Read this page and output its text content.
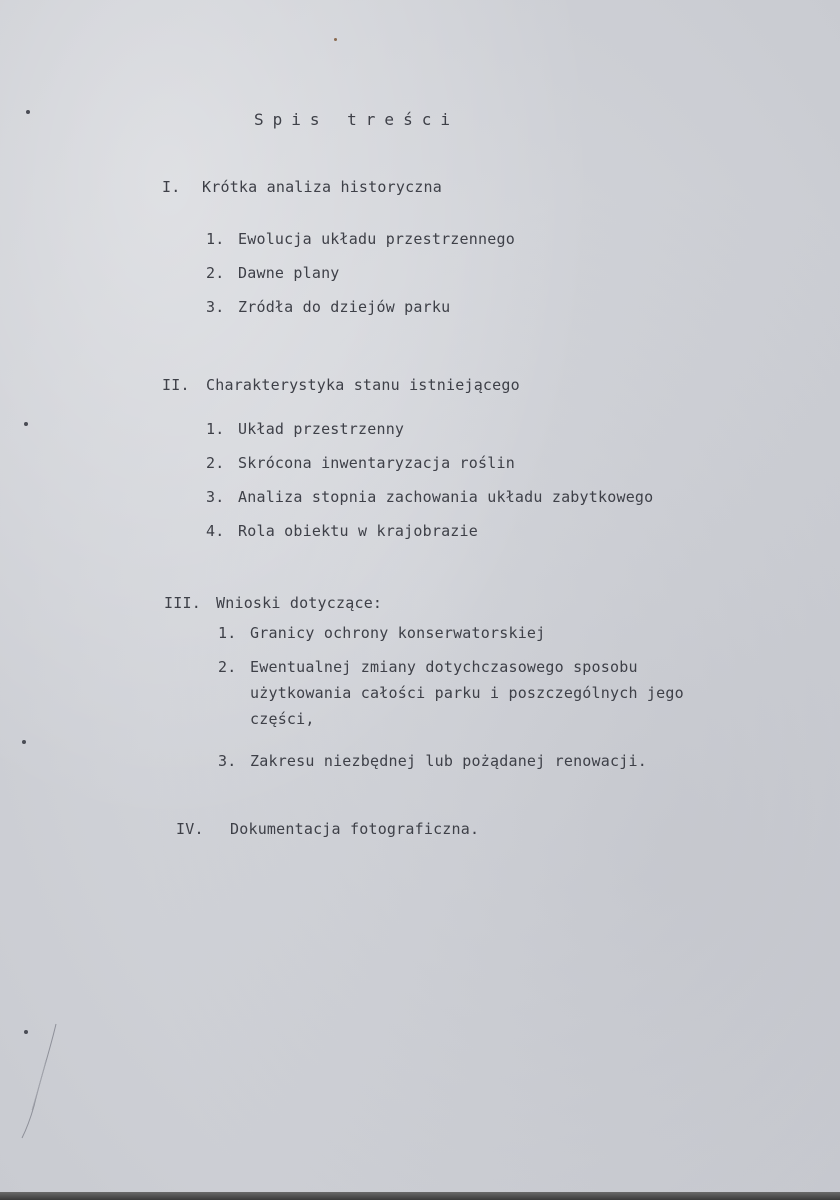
Spis treści
I. Krótka analiza historyczna
1. Ewolucja układu przestrzennego
2. Dawne plany
3. Zródła do dziejów parku
II. Charakterystyka stanu istniejącego
1. Układ przestrzenny
2. Skrócona inwentaryzacja roślin
3. Analiza stopnia zachowania układu zabytkowego
4. Rola obiektu w krajobrazie
III. Wnioski dotyczące:
1. Granicy ochrony konserwatorskiej
2. Ewentualnej zmiany dotychczasowego sposobu
użytkowania całości parku i poszczególnych jego
części,
3. Zakresu niezbędnej lub pożądanej renowacji.
IV. Dokumentacja fotograficzna.
